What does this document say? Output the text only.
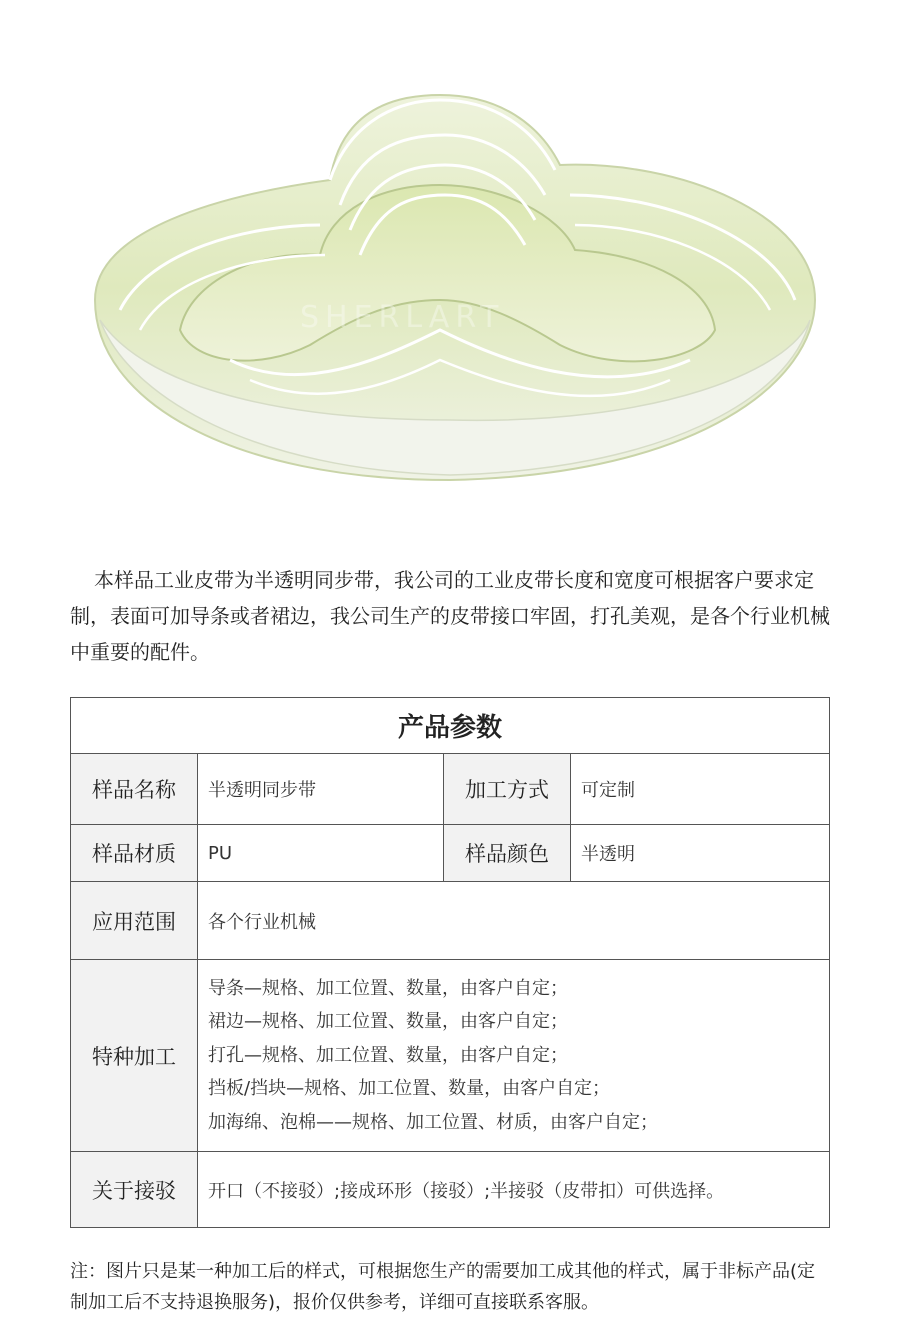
SHERLART
本样品工业皮带为半透明同步带，我公司的工业皮带长度和宽度可根据客户要求定制，表面可加导条或者裙边，我公司生产的皮带接口牢固，打孔美观，是各个行业机械中重要的配件。
产品参数			
样品名称	半透明同步带	加工方式	可定制
样品材质	PU	样品颜色	半透明
应用范围	各个行业机械		
特种加工	导条—规格、加工位置、数量，由客户自定；
裙边—规格、加工位置、数量，由客户自定；
打孔—规格、加工位置、数量，由客户自定；
挡板/挡块—规格、加工位置、数量，由客户自定；
加海绵、泡棉——规格、加工位置、材质，由客户自定；		

关于接驳	开口（不接驳）;接成环形（接驳）;半接驳（皮带扣）可供选择。		
注：图片只是某一种加工后的样式，可根据您生产的需要加工成其他的样式，属于非标产品(定制加工后不支持退换服务)，报价仅供参考，详细可直接联系客服。
